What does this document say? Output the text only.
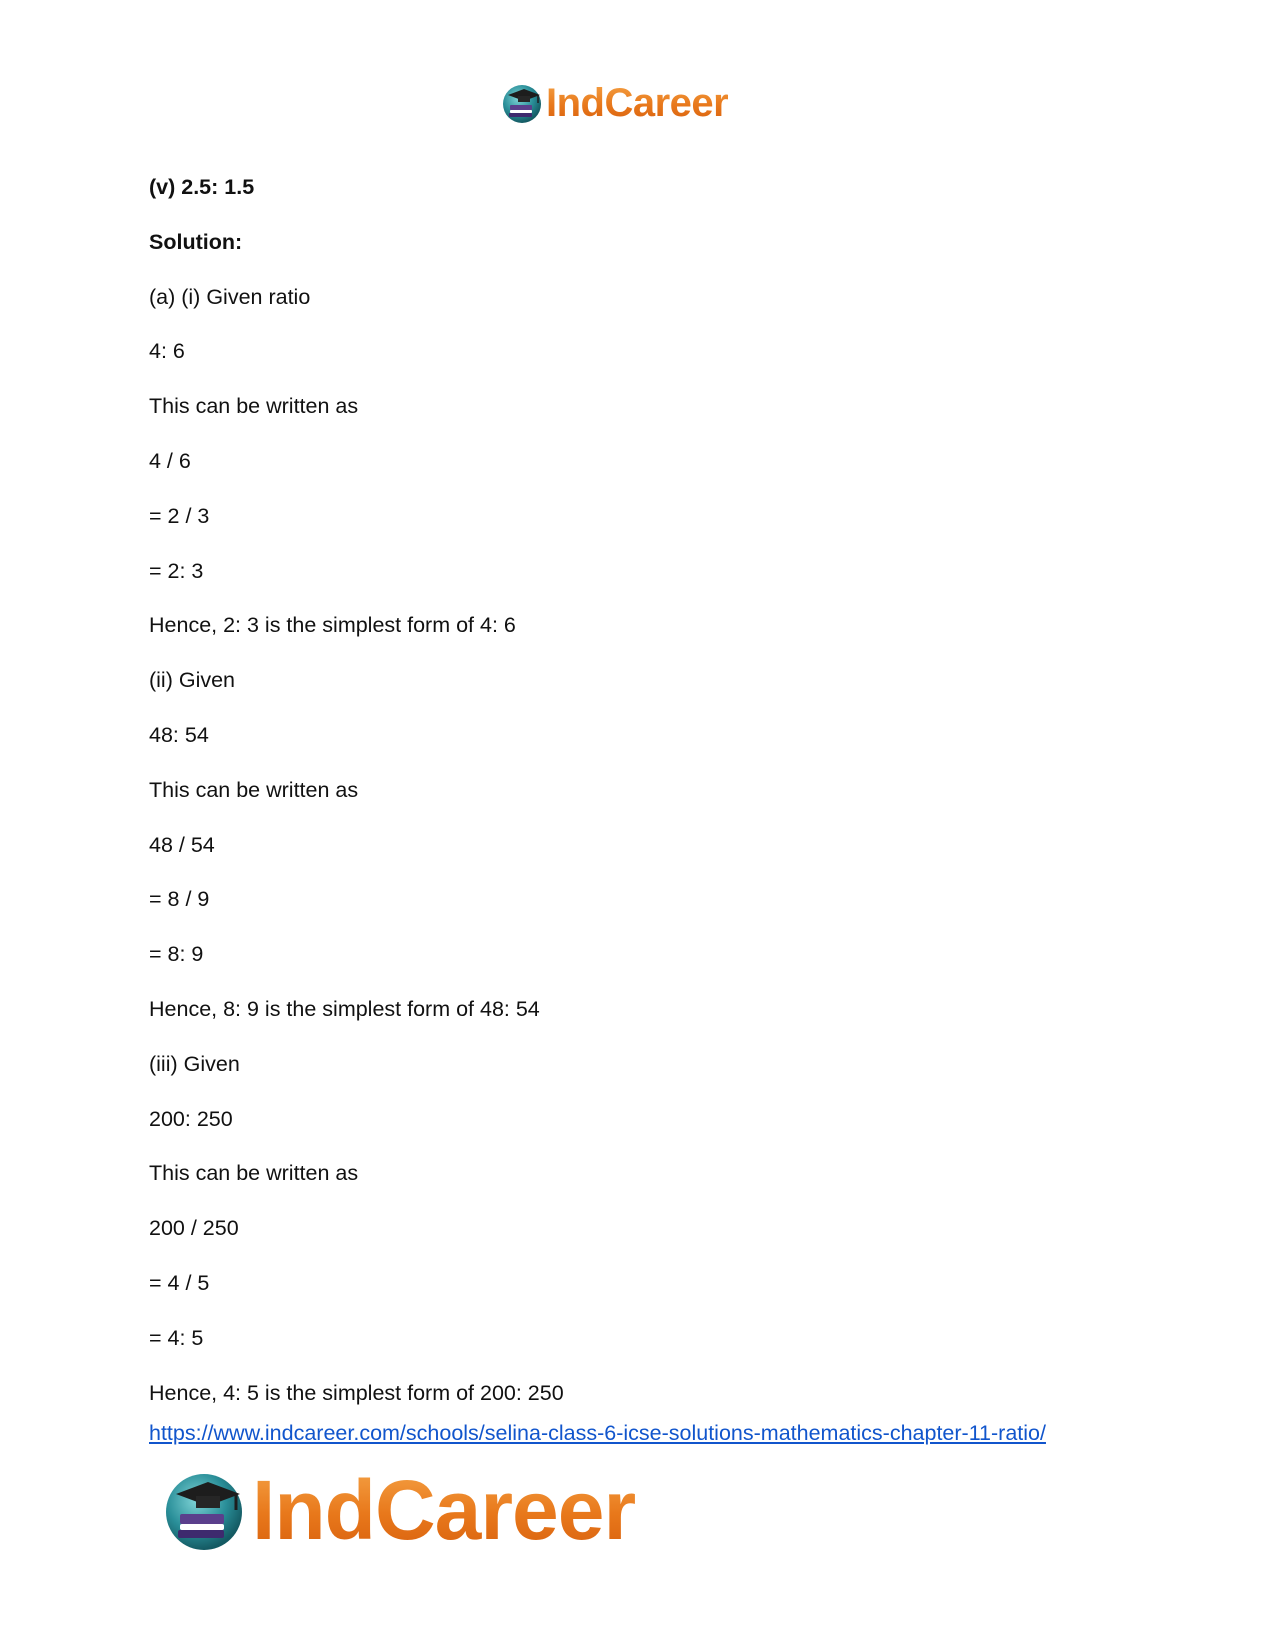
IndCareer
(v) 2.5: 1.5
Solution:
(a) (i) Given ratio
4: 6
This can be written as
4 / 6
= 2 / 3
= 2: 3
Hence, 2: 3 is the simplest form of 4: 6
(ii) Given
48: 54
This can be written as
48 / 54
= 8 / 9
= 8: 9
Hence, 8: 9 is the simplest form of 48: 54
(iii) Given
200: 250
This can be written as
200 / 250
= 4 / 5
= 4: 5
Hence, 4: 5 is the simplest form of 200: 250
https://www.indcareer.com/schools/selina-class-6-icse-solutions-mathematics-chapter-11-ratio/
IndCareer
